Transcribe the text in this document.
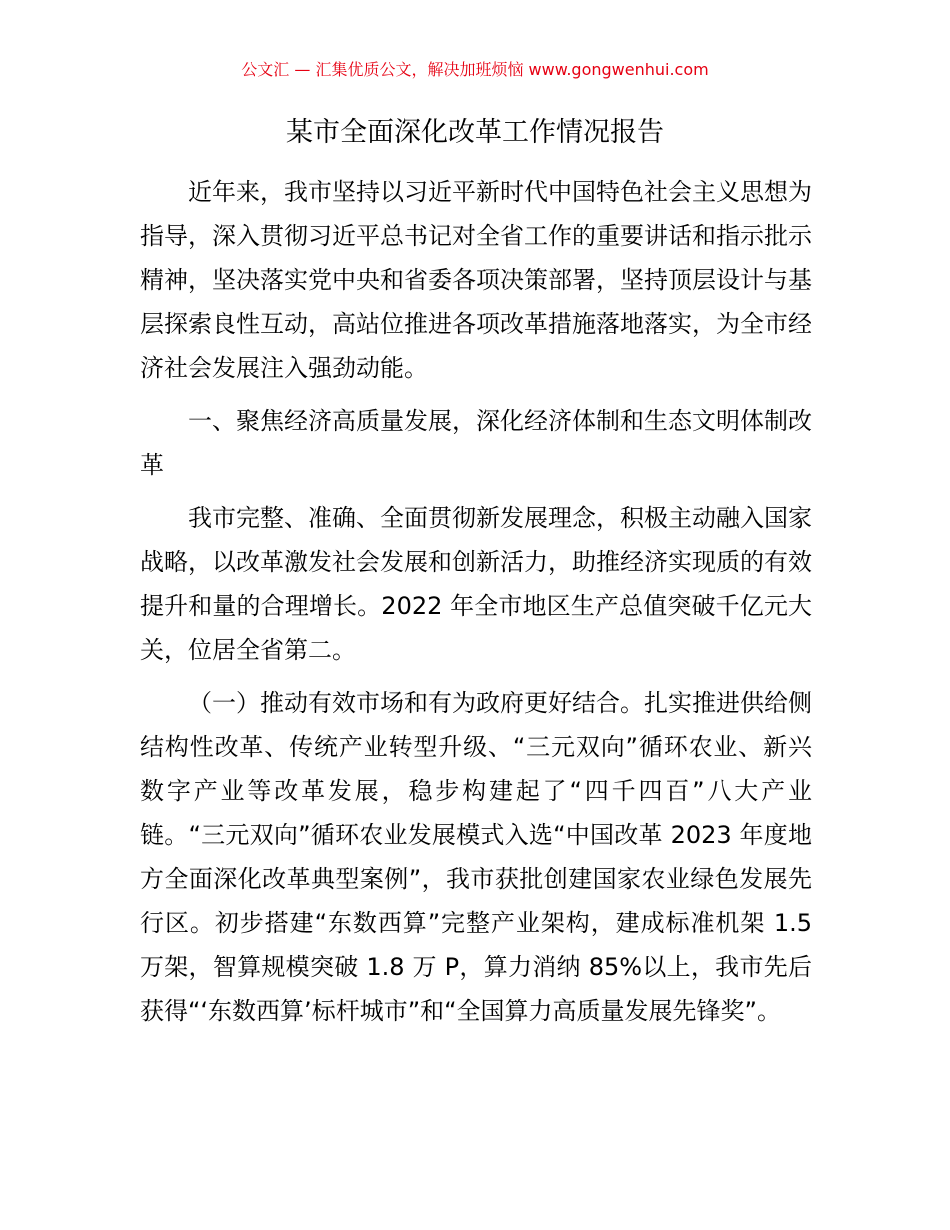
公文汇 — 汇集优质公文，解决加班烦恼 www.gongwenhui.com
某市全面深化改革工作情况报告

近年来，我市坚持以习近平新时代中国特色社会主义思想为指导，深入贯彻习近平总书记对全省工作的重要讲话和指示批示精神，坚决落实党中央和省委各项决策部署，坚持顶层设计与基层探索良性互动，高站位推进各项改革措施落地落实，为全市经济社会发展注入强劲动能。

一、聚焦经济高质量发展，深化经济体制和生态文明体制改革

我市完整、准确、全面贯彻新发展理念，积极主动融入国家战略，以改革激发社会发展和创新活力，助推经济实现质的有效提升和量的合理增长。2022 年全市地区生产总值突破千亿元大关，位居全省第二。

（一）推动有效市场和有为政府更好结合。扎实推进供给侧结构性改革、传统产业转型升级、“三元双向”循环农业、新兴数字产业等改革发展，稳步构建起了“四千四百”八大产业链。“三元双向”循环农业发展模式入选“中国改革 2023 年度地方全面深化改革典型案例”，我市获批创建国家农业绿色发展先行区。初步搭建“东数西算”完整产业架构，建成标准机架 1.5 万架，智算规模突破 1.8 万 P，算力消纳 85%以上，我市先后获得“‘东数西算’标杆城市”和“全国算力高质量发展先锋奖”。
